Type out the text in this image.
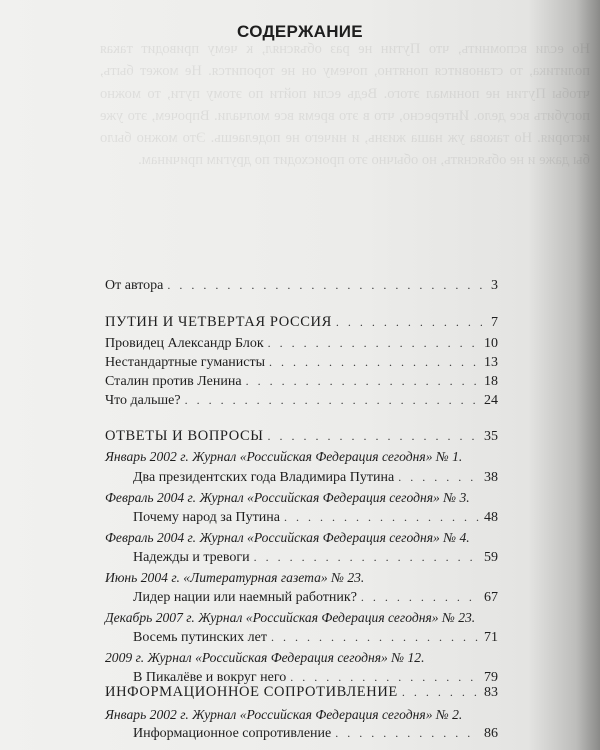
Но если вспомнить, что Путин не раз объяснял, к чему приводит такая политика, то становится понятно, почему он не торопится. Не может быть, чтобы Путин не понимал этого. Ведь если пойти по этому пути, то можно погубить все дело. Интересно, что в это время все молчали. Впрочем, это уже история. Но такова уж наша жизнь, и ничего не поделаешь. Это можно было бы даже и не объяснять, но обычно это происходит по другим причинам.
СОДЕРЖАНИЕ
От автора . . .	3
ПУТИН И ЧЕТВЕРТАЯ РОССИЯ . . .	7
Провидец Александр Блок . . .	10
Нестандартные гуманисты . . .	13
Сталин против Ленина . . .	18
Что дальше? . . .	24
ОТВЕТЫ И ВОПРОСЫ . . .	35
Январь 2002 г. Журнал «Российская Федерация сегодня» № 1.
Два президентских года Владимира Путина . . .	38
Февраль 2004 г. Журнал «Российская Федерация сегодня» № 3.
Почему народ за Путина . . .	48
Февраль 2004 г. Журнал «Российская Федерация сегодня» № 4.
Надежды и тревоги . . .	59
Июнь 2004 г. «Литературная газета» № 23.
Лидер нации или наемный работник? . . .	67
Декабрь 2007 г. Журнал «Российская Федерация сегодня» № 23.
Восемь путинских лет . . .	71
2009 г. Журнал «Российская Федерация сегодня» № 12.
В Пикалёве и вокруг него . . .	79
ИНФОРМАЦИОННОЕ СОПРОТИВЛЕНИЕ . . .	83
Январь 2002 г. Журнал «Российская Федерация сегодня» № 2.
Информационное сопротивление . . .	86
